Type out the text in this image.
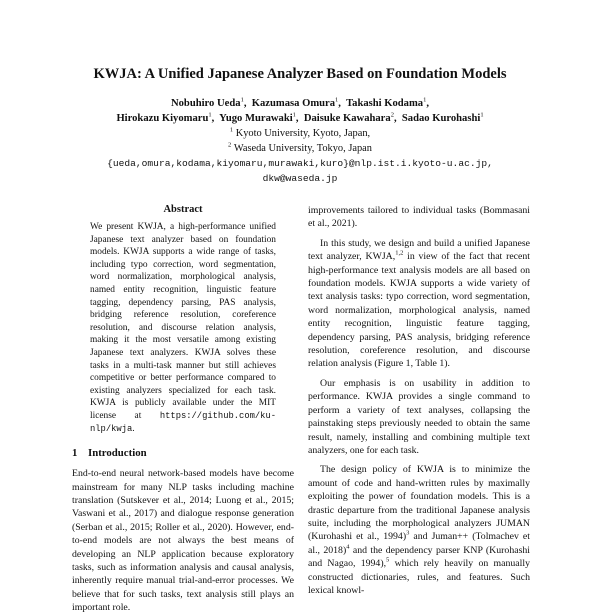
KWJA: A Unified Japanese Analyzer Based on Foundation Models
Nobuhiro Ueda$^1$,  Kazumasa Omura$^1$,  Takashi Kodama$^1$,
Hirokazu Kiyomaru$^1$,  Yugo Murawaki$^1$,  Daisuke Kawahara$^2$,  Sadao Kurohashi$^1$
$^1$ Kyoto University, Kyoto, Japan,
$^2$ Waseda University, Tokyo, Japan
{ueda,omura,kodama,kiyomaru,murawaki,kuro}@nlp.ist.i.kyoto-u.ac.jp,
dkw@waseda.jp
Abstract

We present KWJA, a high-performance unified Japanese text analyzer based on foundation models. KWJA supports a wide range of tasks, including typo correction, word segmentation, word normalization, morphological analysis, named entity recognition, linguistic feature tagging, dependency parsing, PAS analysis, bridging reference resolution, coreference resolution, and discourse relation analysis, making it the most versatile among existing Japanese text analyzers. KWJA solves these tasks in a multi-task manner but still achieves competitive or better performance compared to existing analyzers specialized for each task. KWJA is publicly available under the MIT license at https://github.com/ku-nlp/kwja.

1 Introduction

End-to-end neural network-based models have become mainstream for many NLP tasks including machine translation (Sutskever et al., 2014; Luong et al., 2015; Vaswani et al., 2017) and dialogue response generation (Serban et al., 2015; Roller et al., 2020). However, end-to-end models are not always the best means of developing an NLP application because exploratory tasks, such as information analysis and causal analysis, inherently require manual trial-and-error processes. We believe that for such tasks, text analysis still plays an important role.

improvements tailored to individual tasks (Bommasani et al., 2021).

In this study, we design and build a unified Japanese text analyzer, KWJA,$^{1,2}$ in view of the fact that recent high-performance text analysis models are all based on foundation models. KWJA supports a wide variety of text analysis tasks: typo correction, word segmentation, word normalization, morphological analysis, named entity recognition, linguistic feature tagging, dependency parsing, PAS analysis, bridging reference resolution, coreference resolution, and discourse relation analysis (Figure 1, Table 1).

Our emphasis is on usability in addition to performance. KWJA provides a single command to perform a variety of text analyses, collapsing the painstaking steps previously needed to obtain the same result, namely, installing and combining multiple text analyzers, one for each task.

The design policy of KWJA is to minimize the amount of code and hand-written rules by maximally exploiting the power of foundation models. This is a drastic departure from the traditional Japanese analysis suite, including the morphological analyzers JUMAN (Kurohashi et al., 1994)$^3$ and Juman++ (Tolmachev et al., 2018)$^4$ and the dependency parser KNP (Kurohashi and Nagao, 1994),$^5$ which rely heavily on manually constructed dictionaries, rules, and features. Such lexical knowl-
